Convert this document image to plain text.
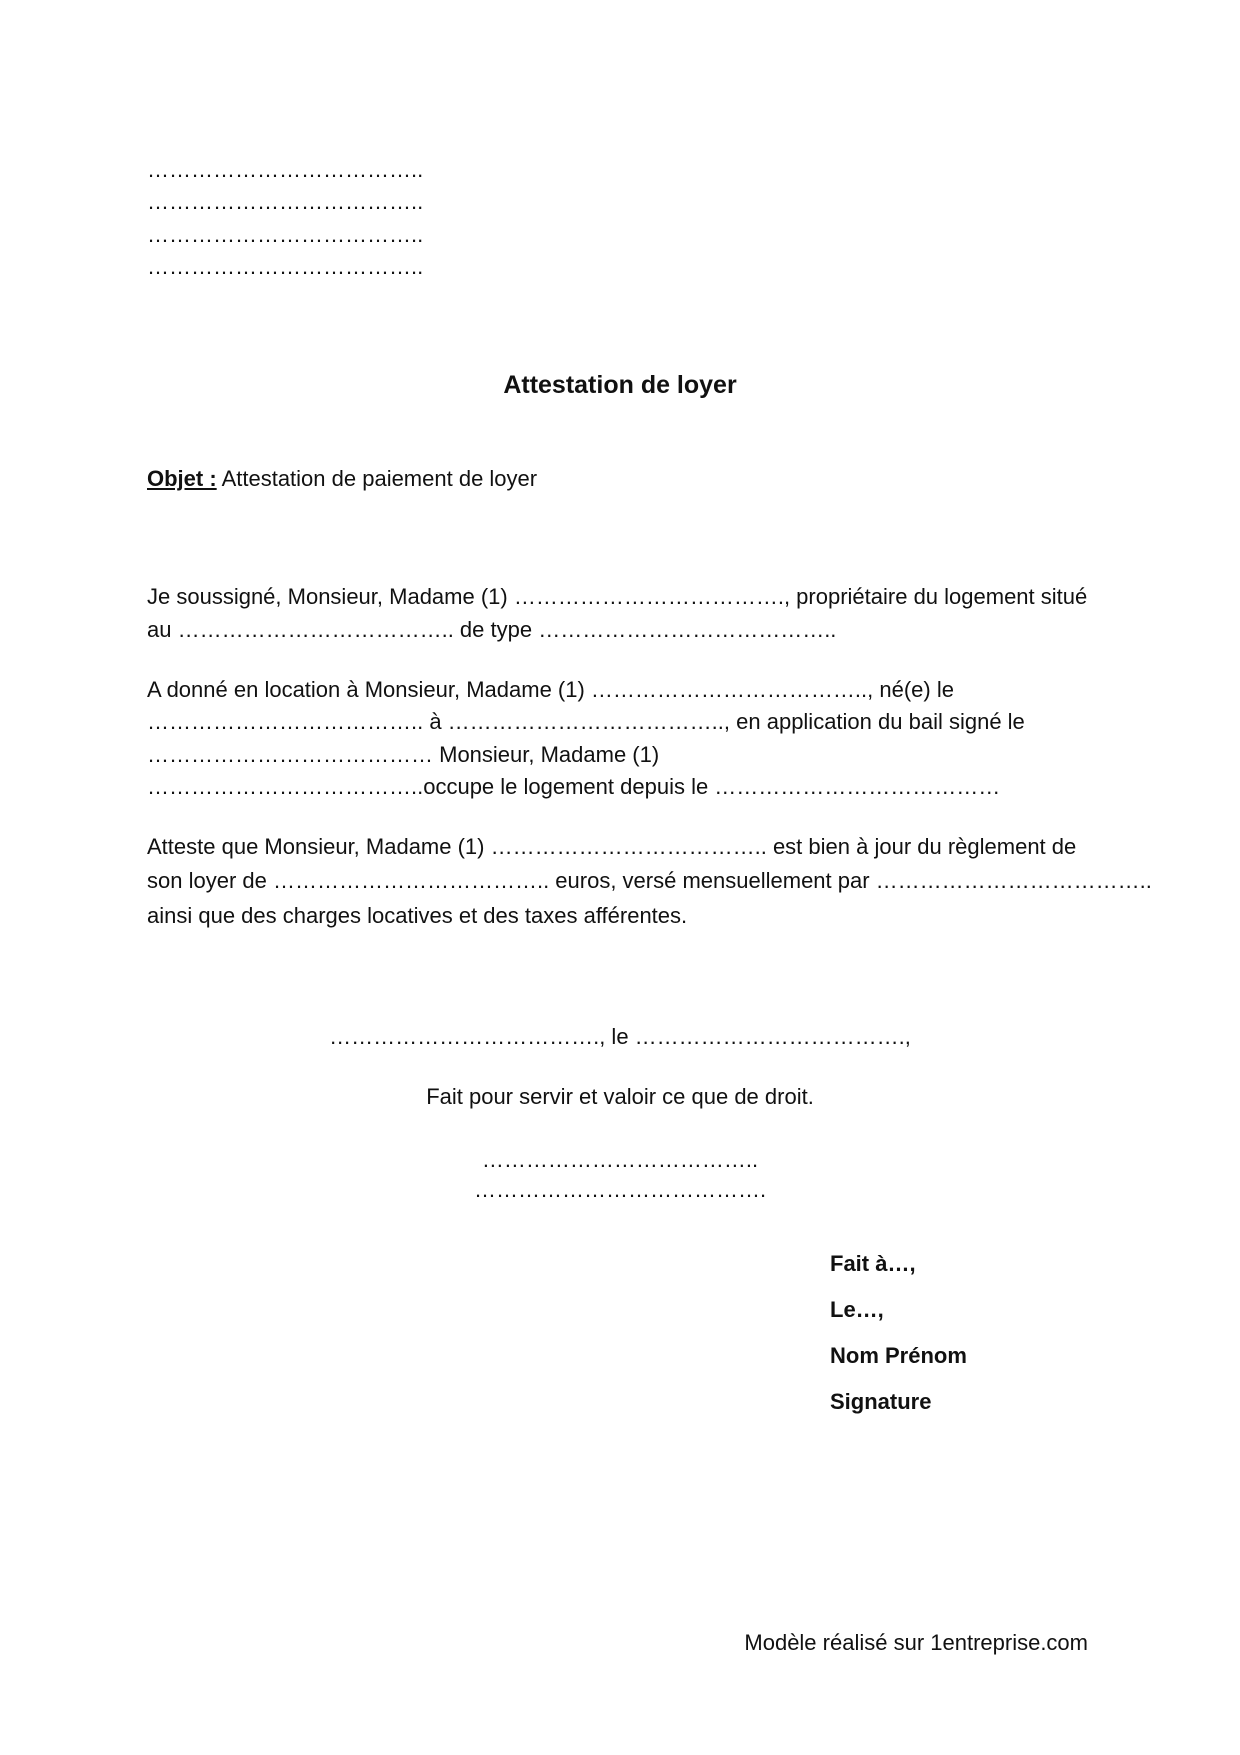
………………………………..
………………………………..
………………………………..
………………………………..
Attestation de loyer
Objet : Attestation de paiement de loyer
Je soussigné, Monsieur, Madame (1) ………………………………., propriétaire du logement situé
au ……………………………….. de type …………………………………..
A donné en location à Monsieur, Madame (1) ……………………………….., né(e) le
……………………………….. à ……………………………….., en application du bail signé le
………………………………… Monsieur, Madame (1)
………………………………..occupe le logement depuis le …………………………………
Atteste que Monsieur, Madame (1) ……………………………….. est bien à jour du règlement de
son loyer de ……………………………….. euros, versé mensuellement par ………………………………..
ainsi que des charges locatives et des taxes afférentes.
………………………………., le ……………………………….,
Fait pour servir et valoir ce que de droit.
………………………………..
………………………………….
Fait à…,
Le…,
Nom Prénom
Signature
Modèle réalisé sur 1entreprise.com
